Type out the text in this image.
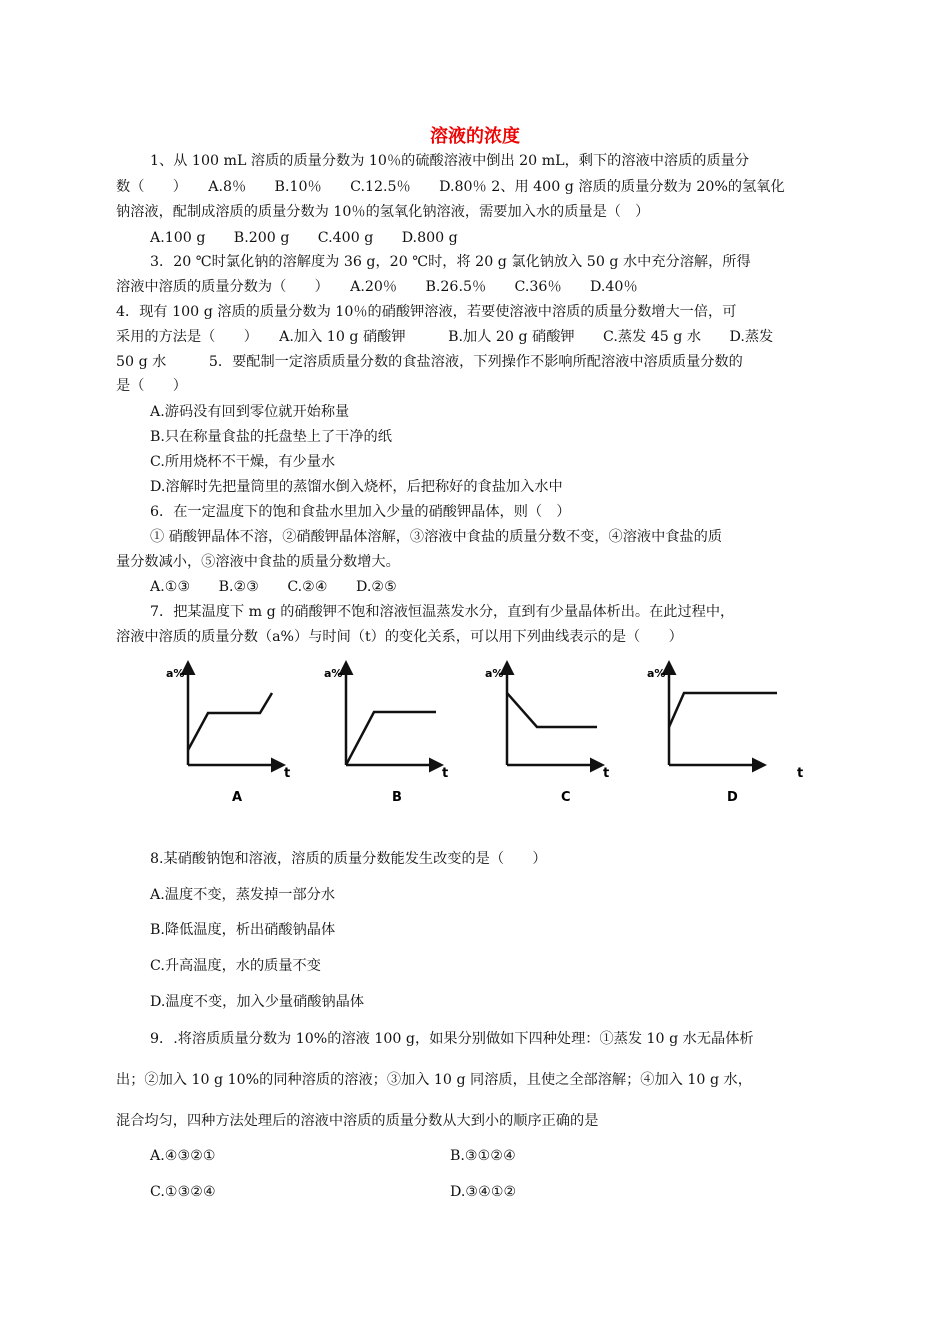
溶液的浓度
1、从 100 mL 溶质的质量分数为 10％的硫酸溶液中倒出 20 mL，剩下的溶液中溶质的质量分
数（　　）　　A.8％　　B.10％　　C.12.5％　　D.80％ 2、用 400 g 溶质的质量分数为 20%的氢氧化
钠溶液，配制成溶质的质量分数为 10％的氢氧化钠溶液，需要加入水的质量是（　）
A.100 g　　B.200 g　　C.400 g　　D.800 g
3．20 ℃时氯化钠的溶解度为 36 g，20 ℃时，将 20 g 氯化钠放入 50 g 水中充分溶解，所得
溶液中溶质的质量分数为（　　）　　A.20％　　B.26.5％　　C.36％　　D.40％
4．现有 100 g 溶质的质量分数为 10％的硝酸钾溶液，若要使溶液中溶质的质量分数增大一倍，可
采用的方法是（　　）　　A.加入 10 g 硝酸钾　　　B.加人 20 g 硝酸钾　　C.蒸发 45 g 水　　D.蒸发
50 g 水　　　5．要配制一定溶质质量分数的食盐溶液，下列操作不影响所配溶液中溶质质量分数的
是（　　）
A.游码没有回到零位就开始称量
B.只在称量食盐的托盘垫上了干净的纸
C.所用烧杯不干燥，有少量水
D.溶解时先把量筒里的蒸馏水倒入烧杯，后把称好的食盐加入水中
6．在一定温度下的饱和食盐水里加入少量的硝酸钾晶体，则（　）
① 硝酸钾晶体不溶，②硝酸钾晶体溶解，③溶液中食盐的质量分数不变，④溶液中食盐的质
量分数减小，⑤溶液中食盐的质量分数增大。
A.①③　　B.②③　　C.②④　　D.②⑤
7．把某温度下 m g 的硝酸钾不饱和溶液恒温蒸发水分，直到有少量晶体析出。在此过程中，
溶液中溶质的质量分数（a%）与时间（t）的变化关系，可以用下列曲线表示的是（　　）
a%
t
A
a%
t
B
a%
t
C
a%
t
D
8.某硝酸钠饱和溶液，溶质的质量分数能发生改变的是（　　）
A.温度不变，蒸发掉一部分水
B.降低温度，析出硝酸钠晶体
C.升高温度，水的质量不变
D.温度不变，加入少量硝酸钠晶体
9．.将溶质质量分数为 10%的溶液 100 g，如果分别做如下四种处理：①蒸发 10 g 水无晶体析
出；②加入 10 g 10%的同种溶质的溶液；③加入 10 g 同溶质，且使之全部溶解；④加入 10 g 水，
混合均匀，四种方法处理后的溶液中溶质的质量分数从大到小的顺序正确的是
A.④③②①	B.③①②④
C.①③②④	D.③④①②
